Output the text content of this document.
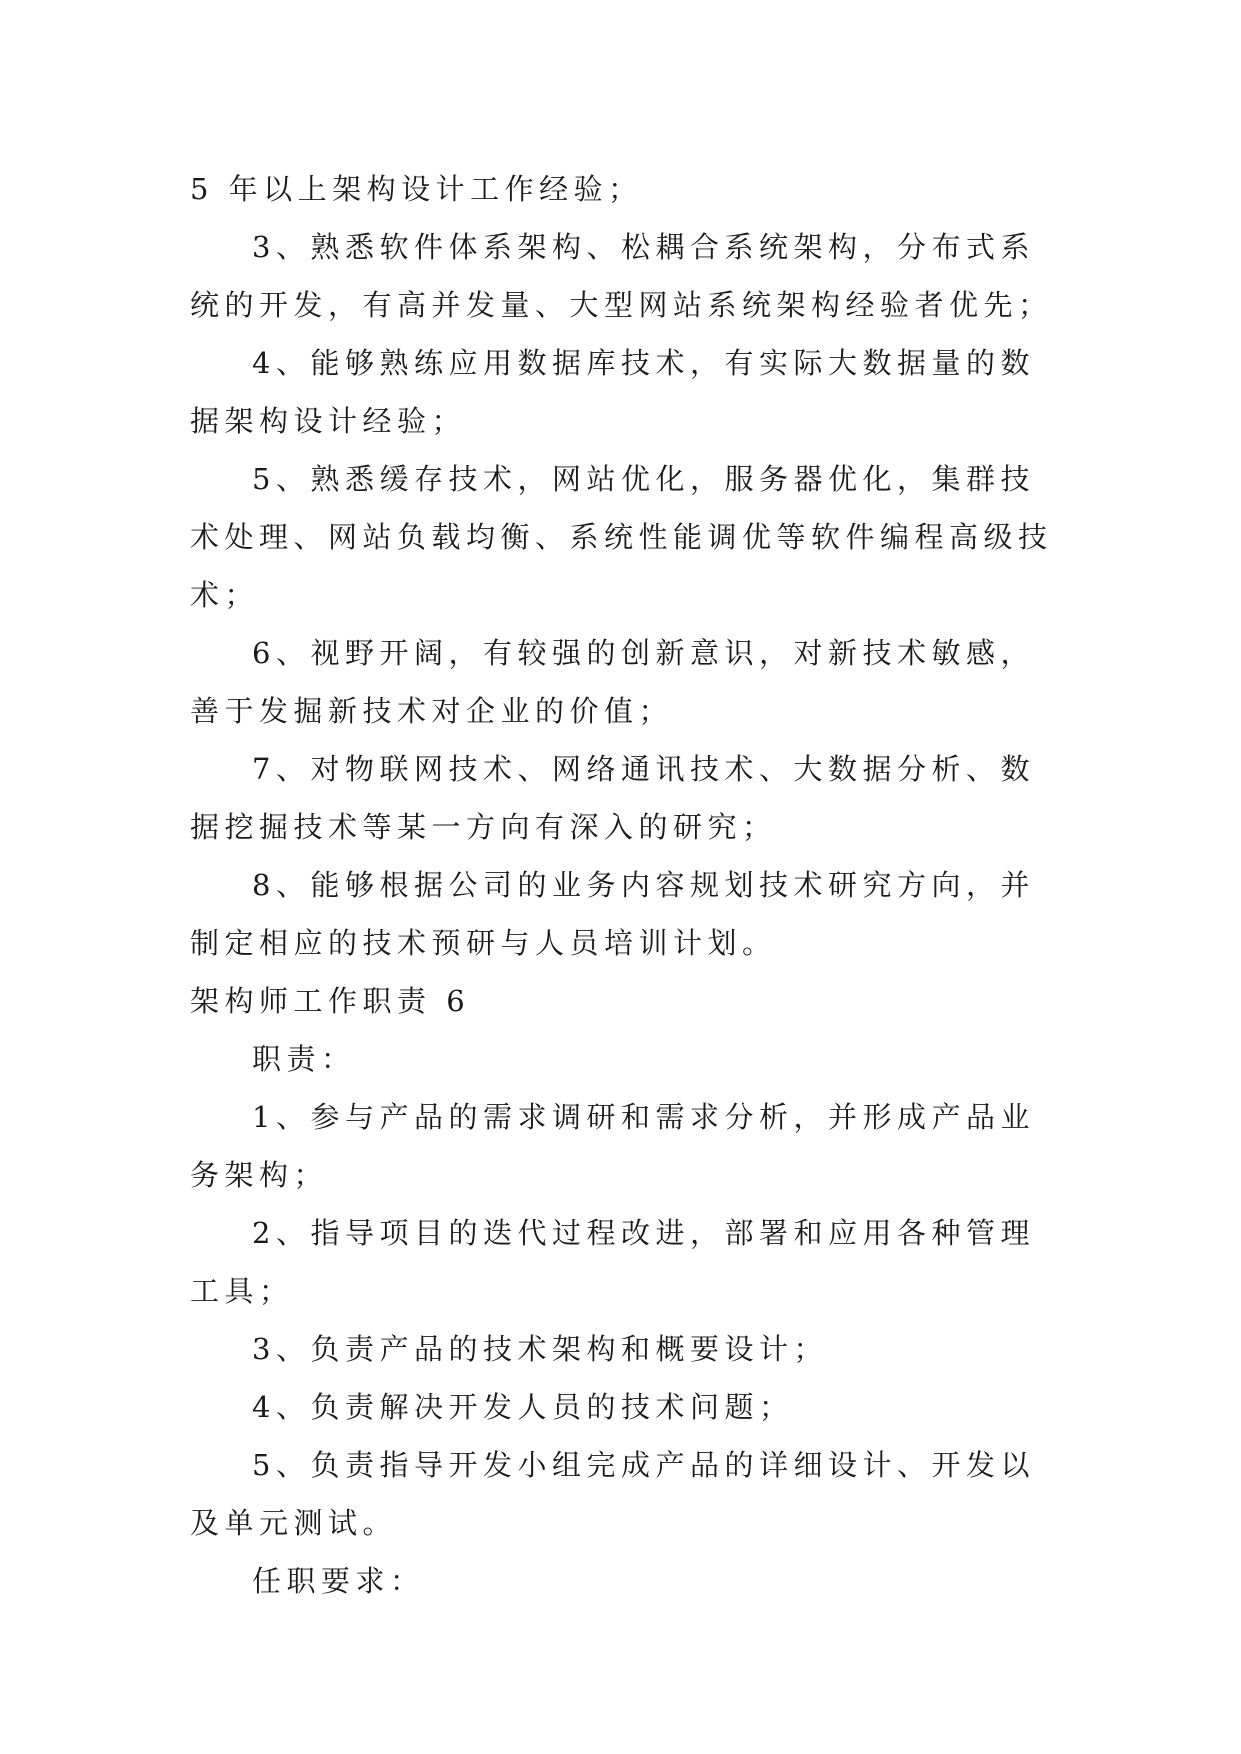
5 年以上架构设计工作经验；

3、熟悉软件体系架构、松耦合系统架构，分布式系统的开发，有高并发量、大型网站系统架构经验者优先；

4、能够熟练应用数据库技术，有实际大数据量的数据架构设计经验；

5、熟悉缓存技术，网站优化，服务器优化，集群技术处理、网站负载均衡、系统性能调优等软件编程高级技术；

6、视野开阔，有较强的创新意识，对新技术敏感，善于发掘新技术对企业的价值；

7、对物联网技术、网络通讯技术、大数据分析、数据挖掘技术等某一方向有深入的研究；

8、能够根据公司的业务内容规划技术研究方向，并制定相应的技术预研与人员培训计划。

架构师工作职责 6

职责：

1、参与产品的需求调研和需求分析，并形成产品业务架构；

2、指导项目的迭代过程改进，部署和应用各种管理工具；

3、负责产品的技术架构和概要设计；

4、负责解决开发人员的技术问题；

5、负责指导开发小组完成产品的详细设计、开发以及单元测试。

任职要求：
